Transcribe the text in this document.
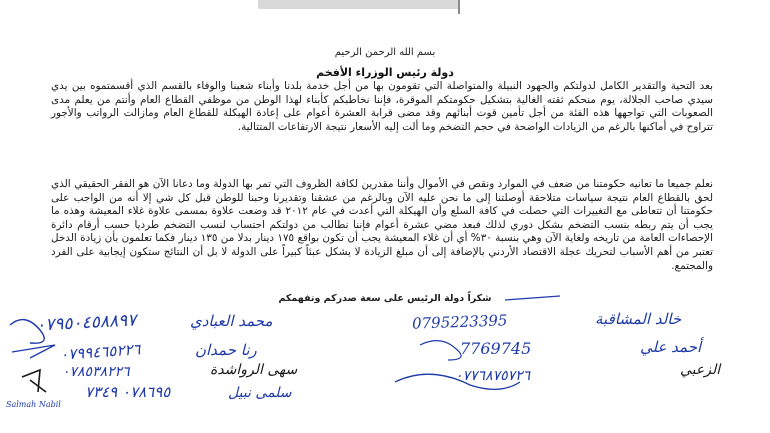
بسم الله الرحمن الرحيم
دولة رئيس الوزراء الأفخم
بعد التحية والتقدير الكامل لدولتكم والجهود النبيلة والمتواصلة التي تقومون بها من أجل خدمة بلدنا وأبناء شعبنا والوفاء بالقسم الذي أقسمتموه بين يدي سيدي صاحب الجلالة، يوم منحكم ثقته الغالية بتشكيل حكومتكم الموقرة، فإننا نخاطبكم كأبناء لهذا الوطن من موظفي القطاع العام وأنتم من يعلم مدى الصعوبات التي تواجهها هذه الفئة من أجل تأمين قوت أبنائهم وقد مضى قرابة العشرة أعوام على إعادة الهيكلة للقطاع العام ومازالت الرواتب والأجور تتراوح في أماكنها بالرغم من الزيادات الواضحة في حجم التضخم وما ألت إليه الأسعار نتيجة الارتفاعات المتتالية.
نعلم جميعا ما تعانيه حكومتنا من ضعف في الموارد ونقص في الأموال وأننا مقدرين لكافة الظروف التي تمر بها الدولة وما دعانا الآن هو الفقر الحقيقي الذي لحق بالقطاع العام نتيجة سياسات متلاحقة أوصلتنا إلى ما نحن عليه الآن وبالرغم من عشقنا وتقديرنا وحبنا للوطن قبل كل شي إلا أنه من الواجب على حكومتنا أن تتعاطى مع التغييرات التي حصلت في كافة السلع وأن الهيكلة التي أعدت في عام ٢٠١٢ قد وضعت علاوة بمسمى علاوة غلاء المعيشة وهذه ما يجب أن يتم ربطه بنسب التضخم بشكل دوري لذلك فبعد مضي عشرة أعوام فإننا نطالب من دولتكم احتساب لنسب التضخم طرديا حسب أرقام دائرة الإحصاءات العامة من تاريخه ولغاية الآن وهي بنسبة ٣٠% أي أن غلاء المعيشة يجب أن تكون بواقع ١٧٥ دينار بدلا من ١٣٥ دينار فكما تعلمون بأن زيادة الدخل تعتبر من أهم الأسباب لتحريك عجلة الاقتصاد الأردني بالإضافة إلى أن مبلغ الزيادة لا يشكل عبئاً كبيراً على الدولة لا بل أن النتائج ستكون إيجابية على الفرد والمجتمع.
شكراً دولة الرئيس على سعة صدركم وتفهمكم
٠٧٩٥٠٤٥٨٨٩٧	محمد العبادي	0795223395	خالد المشاقبة
٠٧٩٩٤٦٥٢٢٦	رنا حمدان	7769745	أحمد علي
٠٧٨٥٣٨٢٢٦	سهى الرواشدة	٠٧٧٦٨٧٥٧٢٦	الزعبي
٠٧٨٦٩٥ ٧٣٤٩	سلمى نبيل
Salmah Nabil
